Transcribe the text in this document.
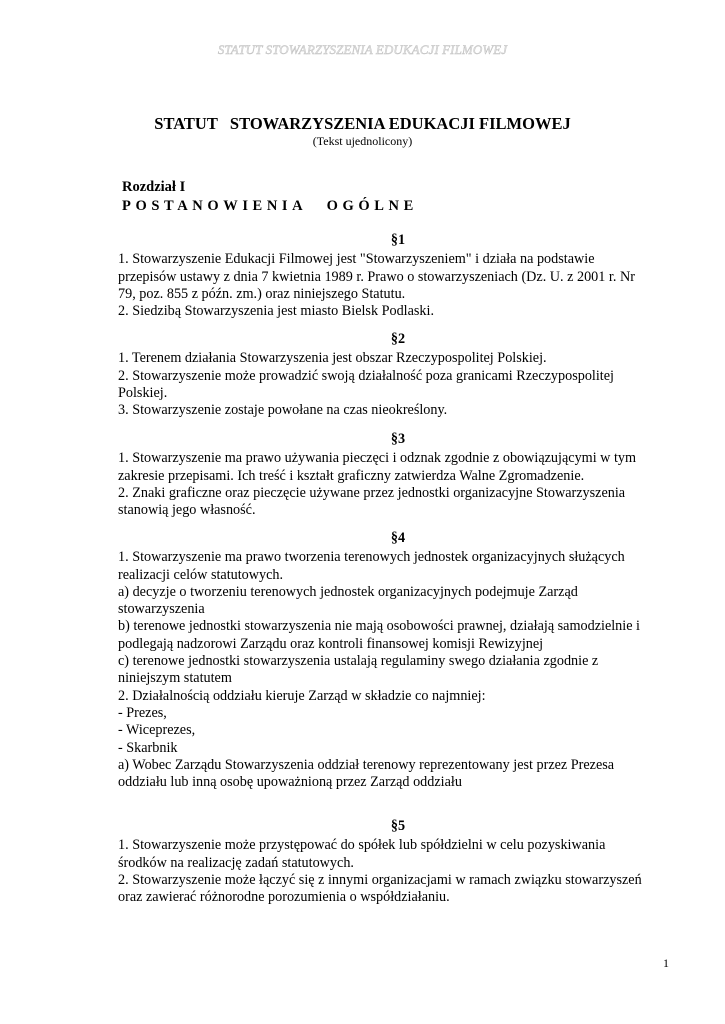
STATUT STOWARZYSZENIA EDUKACJI FILMOWEJ
STATUT   STOWARZYSZENIA EDUKACJI FILMOWEJ
(Tekst ujednolicony)
Rozdział I
POSTANOWIENIA OGÓLNE
§1
1. Stowarzyszenie Edukacji Filmowej jest "Stowarzyszeniem" i działa na podstawie
przepisów ustawy z dnia 7 kwietnia 1989 r. Prawo o stowarzyszeniach (Dz. U. z 2001 r. Nr
79, poz. 855 z późn. zm.) oraz niniejszego Statutu.
2. Siedzibą Stowarzyszenia jest miasto Bielsk Podlaski.
§2
1. Terenem działania Stowarzyszenia jest obszar Rzeczypospolitej Polskiej.
2. Stowarzyszenie może prowadzić swoją działalność poza granicami Rzeczypospolitej
Polskiej.
3. Stowarzyszenie zostaje powołane na czas nieokreślony.
§3
1. Stowarzyszenie ma prawo używania pieczęci i odznak zgodnie z obowiązującymi w tym
zakresie przepisami. Ich treść i kształt graficzny zatwierdza Walne Zgromadzenie.
2. Znaki graficzne oraz pieczęcie używane przez jednostki organizacyjne Stowarzyszenia
stanowią jego własność.
§4
1. Stowarzyszenie ma prawo tworzenia terenowych jednostek organizacyjnych służących
realizacji celów statutowych.
a) decyzje o tworzeniu terenowych jednostek organizacyjnych podejmuje Zarząd
stowarzyszenia
b) terenowe jednostki stowarzyszenia nie mają osobowości prawnej, działają samodzielnie i
podlegają nadzorowi Zarządu oraz kontroli finansowej komisji Rewizyjnej
c) terenowe jednostki stowarzyszenia ustalają regulaminy swego działania zgodnie z
niniejszym statutem
2. Działalnością oddziału kieruje Zarząd w składzie co najmniej:
- Prezes,
- Wiceprezes,
- Skarbnik
a) Wobec Zarządu Stowarzyszenia oddział terenowy reprezentowany jest przez Prezesa
oddziału lub inną osobę upoważnioną przez Zarząd oddziału
§5
1. Stowarzyszenie może przystępować do spółek lub spółdzielni w celu pozyskiwania
środków na realizację zadań statutowych.
2. Stowarzyszenie może łączyć się z innymi organizacjami w ramach związku stowarzyszeń
oraz zawierać różnorodne porozumienia o współdziałaniu.
1
